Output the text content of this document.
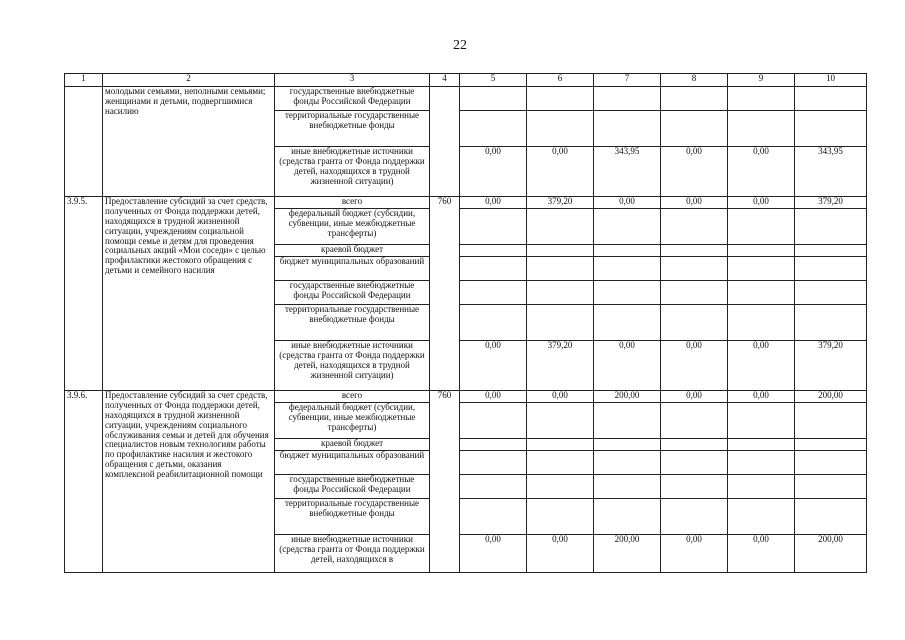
22
1	2	3	4	5	6	7	8	9	10
	молодыми семьями, неполными семьями; женщинами и детьми, подвергшимися насилию	государственные внебюджетные фонды Российской Федерации							
		территориальные государственные внебюджетные фонды							
		иные внебюджетные источники (средства гранта от Фонда поддержки детей, находящихся в трудной жизненной ситуации)		0,00	0,00	343,95	0,00	0,00	343,95
3.9.5.	Предоставление субсидий за счет средств, полученных от Фонда поддержки детей, находящихся в трудной жизненной ситуации, учреждениям социальной помощи семье и детям для проведения социальных акций «Мои соседи» с целью профилактики жестокого обращения с детьми и семейного насилия	всего	760	0,00	379,20	0,00	0,00	0,00	379,20
		федеральный бюджет (субсидии, субвенции, иные межбюджетные трансферты)							
		краевой бюджет							
		бюджет муниципальных образований							
		государственные внебюджетные фонды Российской Федерации							
		территориальные государственные внебюджетные фонды							
		иные внебюджетные источники (средства гранта от Фонда поддержки детей, находящихся в трудной жизненной ситуации)		0,00	379,20	0,00	0,00	0,00	379,20
3.9.6.	Предоставление субсидий за счет средств, полученных от Фонда поддержки детей, находящихся в трудной жизненной ситуации, учреждениям социального обслуживания семьи и детей для обучения специалистов новым технологиям работы по профилактике насилия и жестокого обращения с детьми, оказания комплексной реабилитационной помощи	всего	760	0,00	0,00	200,00	0,00	0,00	200,00
		федеральный бюджет (субсидии, субвенции, иные межбюджетные трансферты)							
		краевой бюджет							
		бюджет муниципальных образований							
		государственные внебюджетные фонды Российской Федерации							
		территориальные государственные внебюджетные фонды							
		иные внебюджетные источники (средства гранта от Фонда поддержки детей, находящихся в		0,00	0,00	200,00	0,00	0,00	200,00
